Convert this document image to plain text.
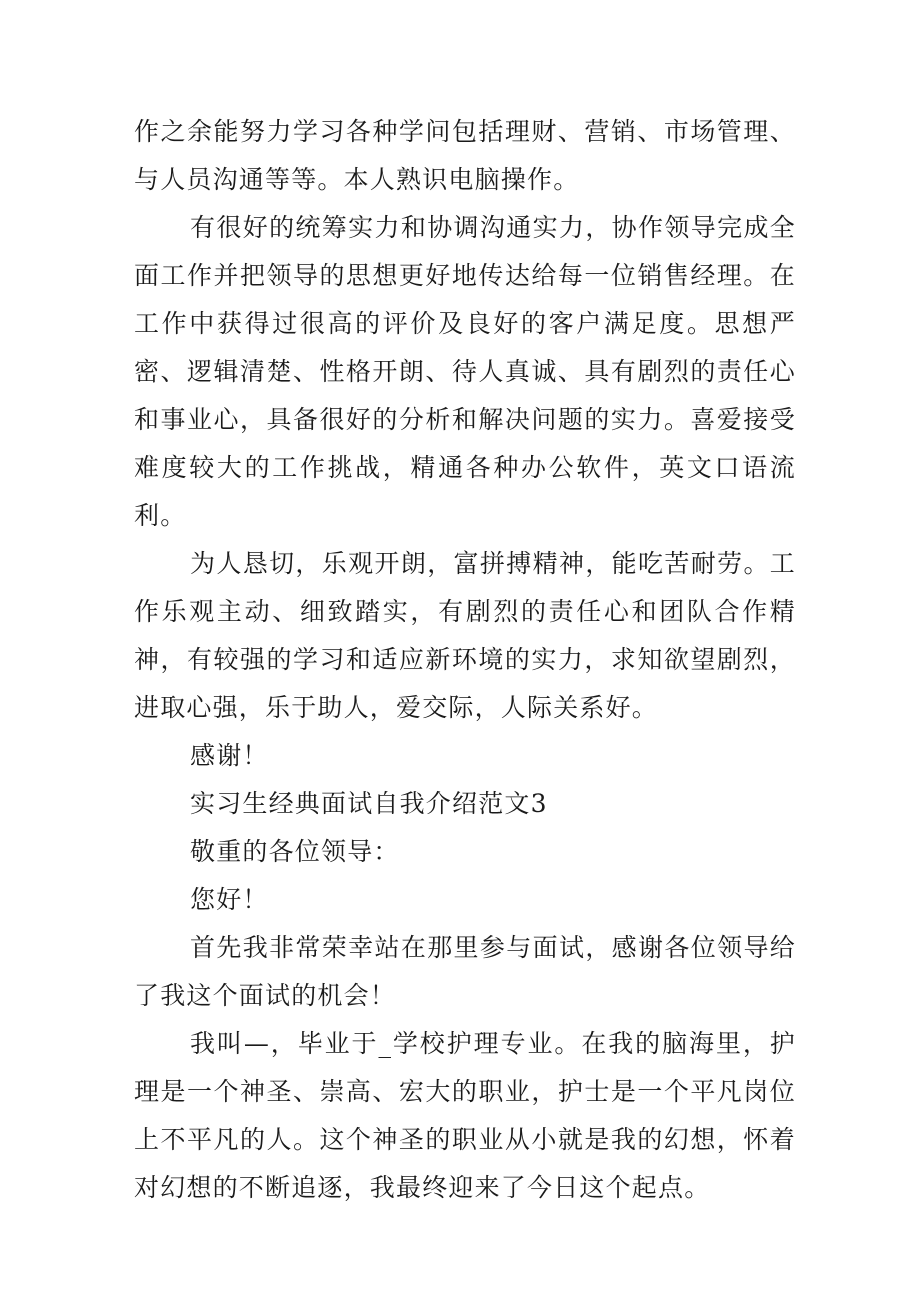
作之余能努力学习各种学问包括理财、营销、市场管理、与人员沟通等等。本人熟识电脑操作。

有很好的统筹实力和协调沟通实力，协作领导完成全面工作并把领导的思想更好地传达给每一位销售经理。在工作中获得过很高的评价及良好的客户满足度。思想严密、逻辑清楚、性格开朗、待人真诚、具有剧烈的责任心和事业心，具备很好的分析和解决问题的实力。喜爱接受难度较大的工作挑战，精通各种办公软件，英文口语流利。

为人恳切，乐观开朗，富拼搏精神，能吃苦耐劳。工作乐观主动、细致踏实，有剧烈的责任心和团队合作精神，有较强的学习和适应新环境的实力，求知欲望剧烈，进取心强，乐于助人，爱交际，人际关系好。

感谢！

实习生经典面试自我介绍范文3

敬重的各位领导：

您好！

首先我非常荣幸站在那里参与面试，感谢各位领导给了我这个面试的机会！

我叫—，毕业于_学校护理专业。在我的脑海里，护理是一个神圣、崇高、宏大的职业，护士是一个平凡岗位上不平凡的人。这个神圣的职业从小就是我的幻想，怀着对幻想的不断追逐，我最终迎来了今日这个起点。
